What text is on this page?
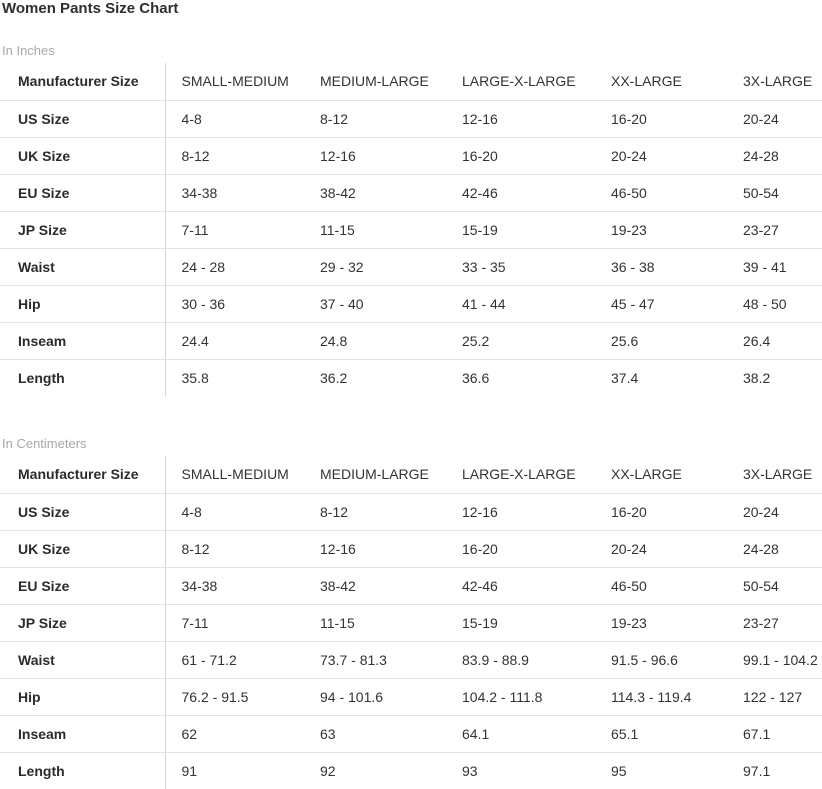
Women Pants Size Chart
In Inches
Manufacturer Size	SMALL-MEDIUM	MEDIUM-LARGE	LARGE-X-LARGE	XX-LARGE	3X-LARGE
US Size	4-8	8-12	12-16	16-20	20-24
UK Size	8-12	12-16	16-20	20-24	24-28
EU Size	34-38	38-42	42-46	46-50	50-54
JP Size	7-11	11-15	15-19	19-23	23-27
Waist	24 - 28	29 - 32	33 - 35	36 - 38	39 - 41
Hip	30 - 36	37 - 40	41 - 44	45 - 47	48 - 50
Inseam	24.4	24.8	25.2	25.6	26.4
Length	35.8	36.2	36.6	37.4	38.2
In Centimeters
Manufacturer Size	SMALL-MEDIUM	MEDIUM-LARGE	LARGE-X-LARGE	XX-LARGE	3X-LARGE
US Size	4-8	8-12	12-16	16-20	20-24
UK Size	8-12	12-16	16-20	20-24	24-28
EU Size	34-38	38-42	42-46	46-50	50-54
JP Size	7-11	11-15	15-19	19-23	23-27
Waist	61 - 71.2	73.7 - 81.3	83.9 - 88.9	91.5 - 96.6	99.1 - 104.2
Hip	76.2 - 91.5	94 - 101.6	104.2 - 111.8	114.3 - 119.4	122 - 127
Inseam	62	63	64.1	65.1	67.1
Length	91	92	93	95	97.1
